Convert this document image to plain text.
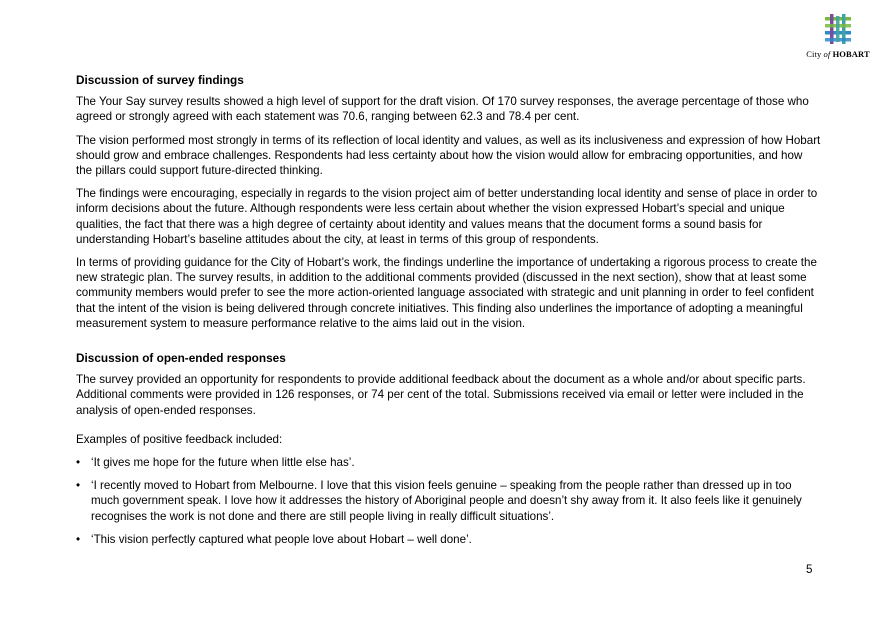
City of HOBART
Discussion of survey findings

The Your Say survey results showed a high level of support for the draft vision. Of 170 survey responses, the average percentage of those who agreed or strongly agreed with each statement was 70.6, ranging between 62.3 and 78.4 per cent.

The vision performed most strongly in terms of its reflection of local identity and values, as well as its inclusiveness and expression of how Hobart should grow and embrace challenges. Respondents had less certainty about how the vision would allow for embracing opportunities, and how the pillars could support future-directed thinking.

The findings were encouraging, especially in regards to the vision project aim of better understanding local identity and sense of place in order to inform decisions about the future. Although respondents were less certain about whether the vision expressed Hobart’s special and unique qualities, the fact that there was a high degree of certainty about identity and values means that the document forms a sound basis for understanding Hobart’s baseline attitudes about the city, at least in terms of this group of respondents.

In terms of providing guidance for the City of Hobart’s work, the findings underline the importance of undertaking a rigorous process to create the new strategic plan. The survey results, in addition to the additional comments provided (discussed in the next section), show that at least some community members would prefer to see the more action-oriented language associated with strategic and unit planning in order to feel confident that the intent of the vision is being delivered through concrete initiatives. This finding also underlines the importance of adopting a meaningful measurement system to measure performance relative to the aims laid out in the vision.

Discussion of open-ended responses

The survey provided an opportunity for respondents to provide additional feedback about the document as a whole and/or about specific parts. Additional comments were provided in 126 responses, or 74 per cent of the total. Submissions received via email or letter were included in the analysis of open-ended responses.

Examples of positive feedback included:

• ‘It gives me hope for the future when little else has’.
• ‘I recently moved to Hobart from Melbourne. I love that this vision feels genuine – speaking from the people rather than dressed up in too much government speak. I love how it addresses the history of Aboriginal people and doesn’t shy away from it. It also feels like it genuinely recognises the work is not done and there are still people living in really difficult situations’.
• ‘This vision perfectly captured what people love about Hobart – well done’.
5
